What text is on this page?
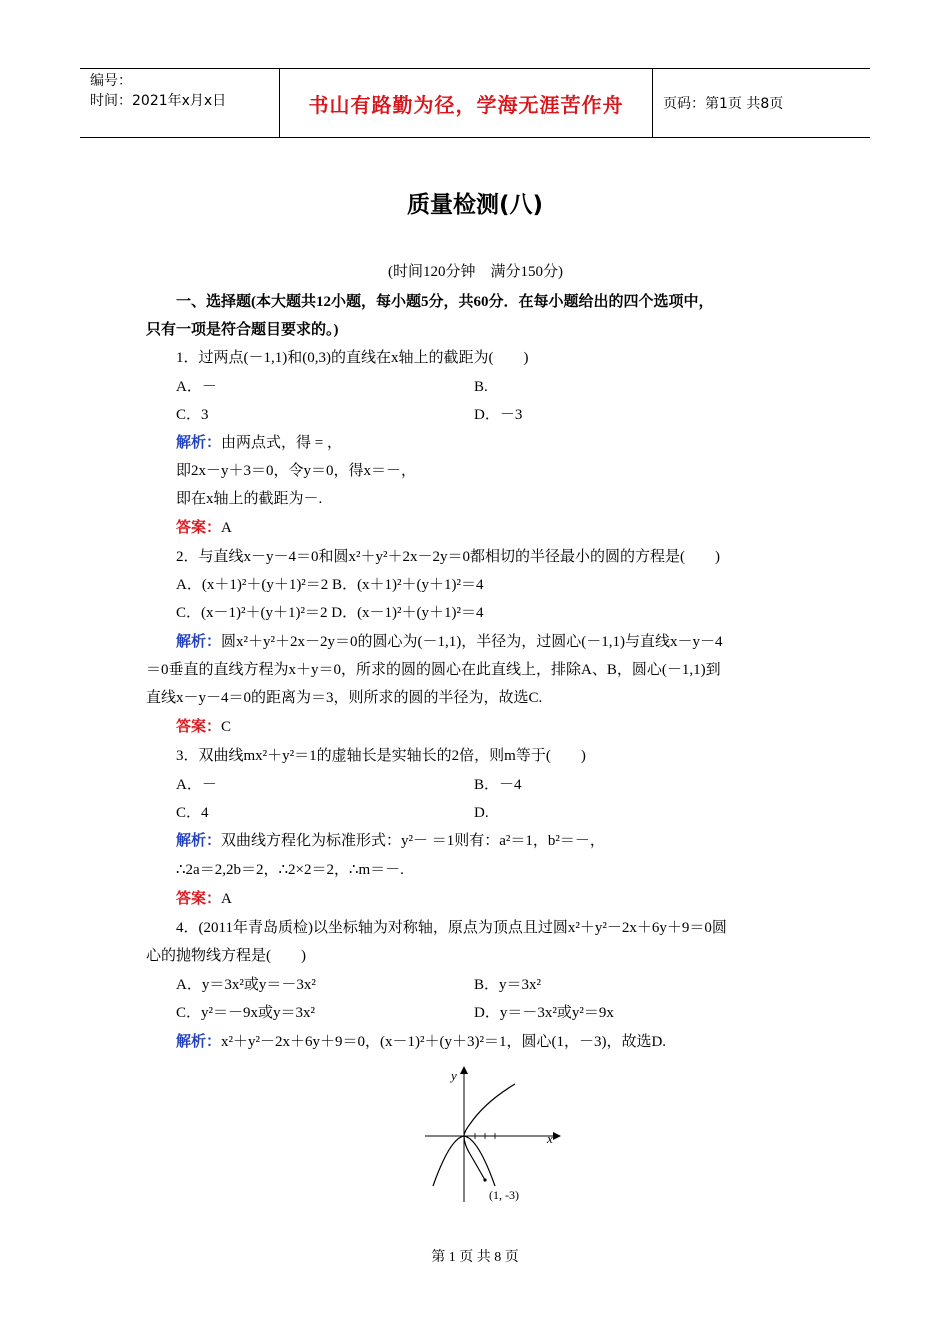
编号：
时间：2021年x月x日	书山有路勤为径，学海无涯苦作舟	页码：第1页 共8页
质量检测(八)
(时间120分钟　满分150分)
一、选择题(本大题共12小题，每小题5分，共60分．在每小题给出的四个选项中，
只有一项是符合题目要求的。)
1．过两点(－1,1)和(0,3)的直线在x轴上的截距为(　　)
A．－	B.
C．3	D．－3
解析：由两点式，得 = ，
即2x－y＋3＝0，令y＝0，得x＝－，
即在x轴上的截距为－.
答案：A
2．与直线x－y－4＝0和圆x²＋y²＋2x－2y＝0都相切的半径最小的圆的方程是(　　)
A．(x＋1)²＋(y＋1)²＝2 B．(x＋1)²＋(y＋1)²＝4
C．(x－1)²＋(y＋1)²＝2 D．(x－1)²＋(y＋1)²＝4
解析：圆x²＋y²＋2x－2y＝0的圆心为(－1,1)，半径为，过圆心(－1,1)与直线x－y－4
＝0垂直的直线方程为x＋y＝0，所求的圆的圆心在此直线上，排除A、B，圆心(－1,1)到
直线x－y－4＝0的距离为＝3，则所求的圆的半径为，故选C.
答案：C
3．双曲线mx²＋y²＝1的虚轴长是实轴长的2倍，则m等于(　　)
A．－	B．－4
C．4	D.
解析：双曲线方程化为标准形式：y²－ ＝1则有：a²＝1，b²＝－，
∴2a＝2,2b＝2，∴2×2＝2，∴m＝－.
答案：A
4．(2011年青岛质检)以坐标轴为对称轴，原点为顶点且过圆x²＋y²－2x＋6y＋9＝0圆
心的抛物线方程是(　　)
A．y＝3x²或y＝－3x²	B．y＝3x²
C．y²＝－9x或y＝3x²	D．y＝－3x²或y²＝9x
解析：x²＋y²－2x＋6y＋9＝0，(x－1)²＋(y＋3)²＝1，圆心(1，－3)，故选D.
y
x
(1, -3)
第 1 页 共 8 页
